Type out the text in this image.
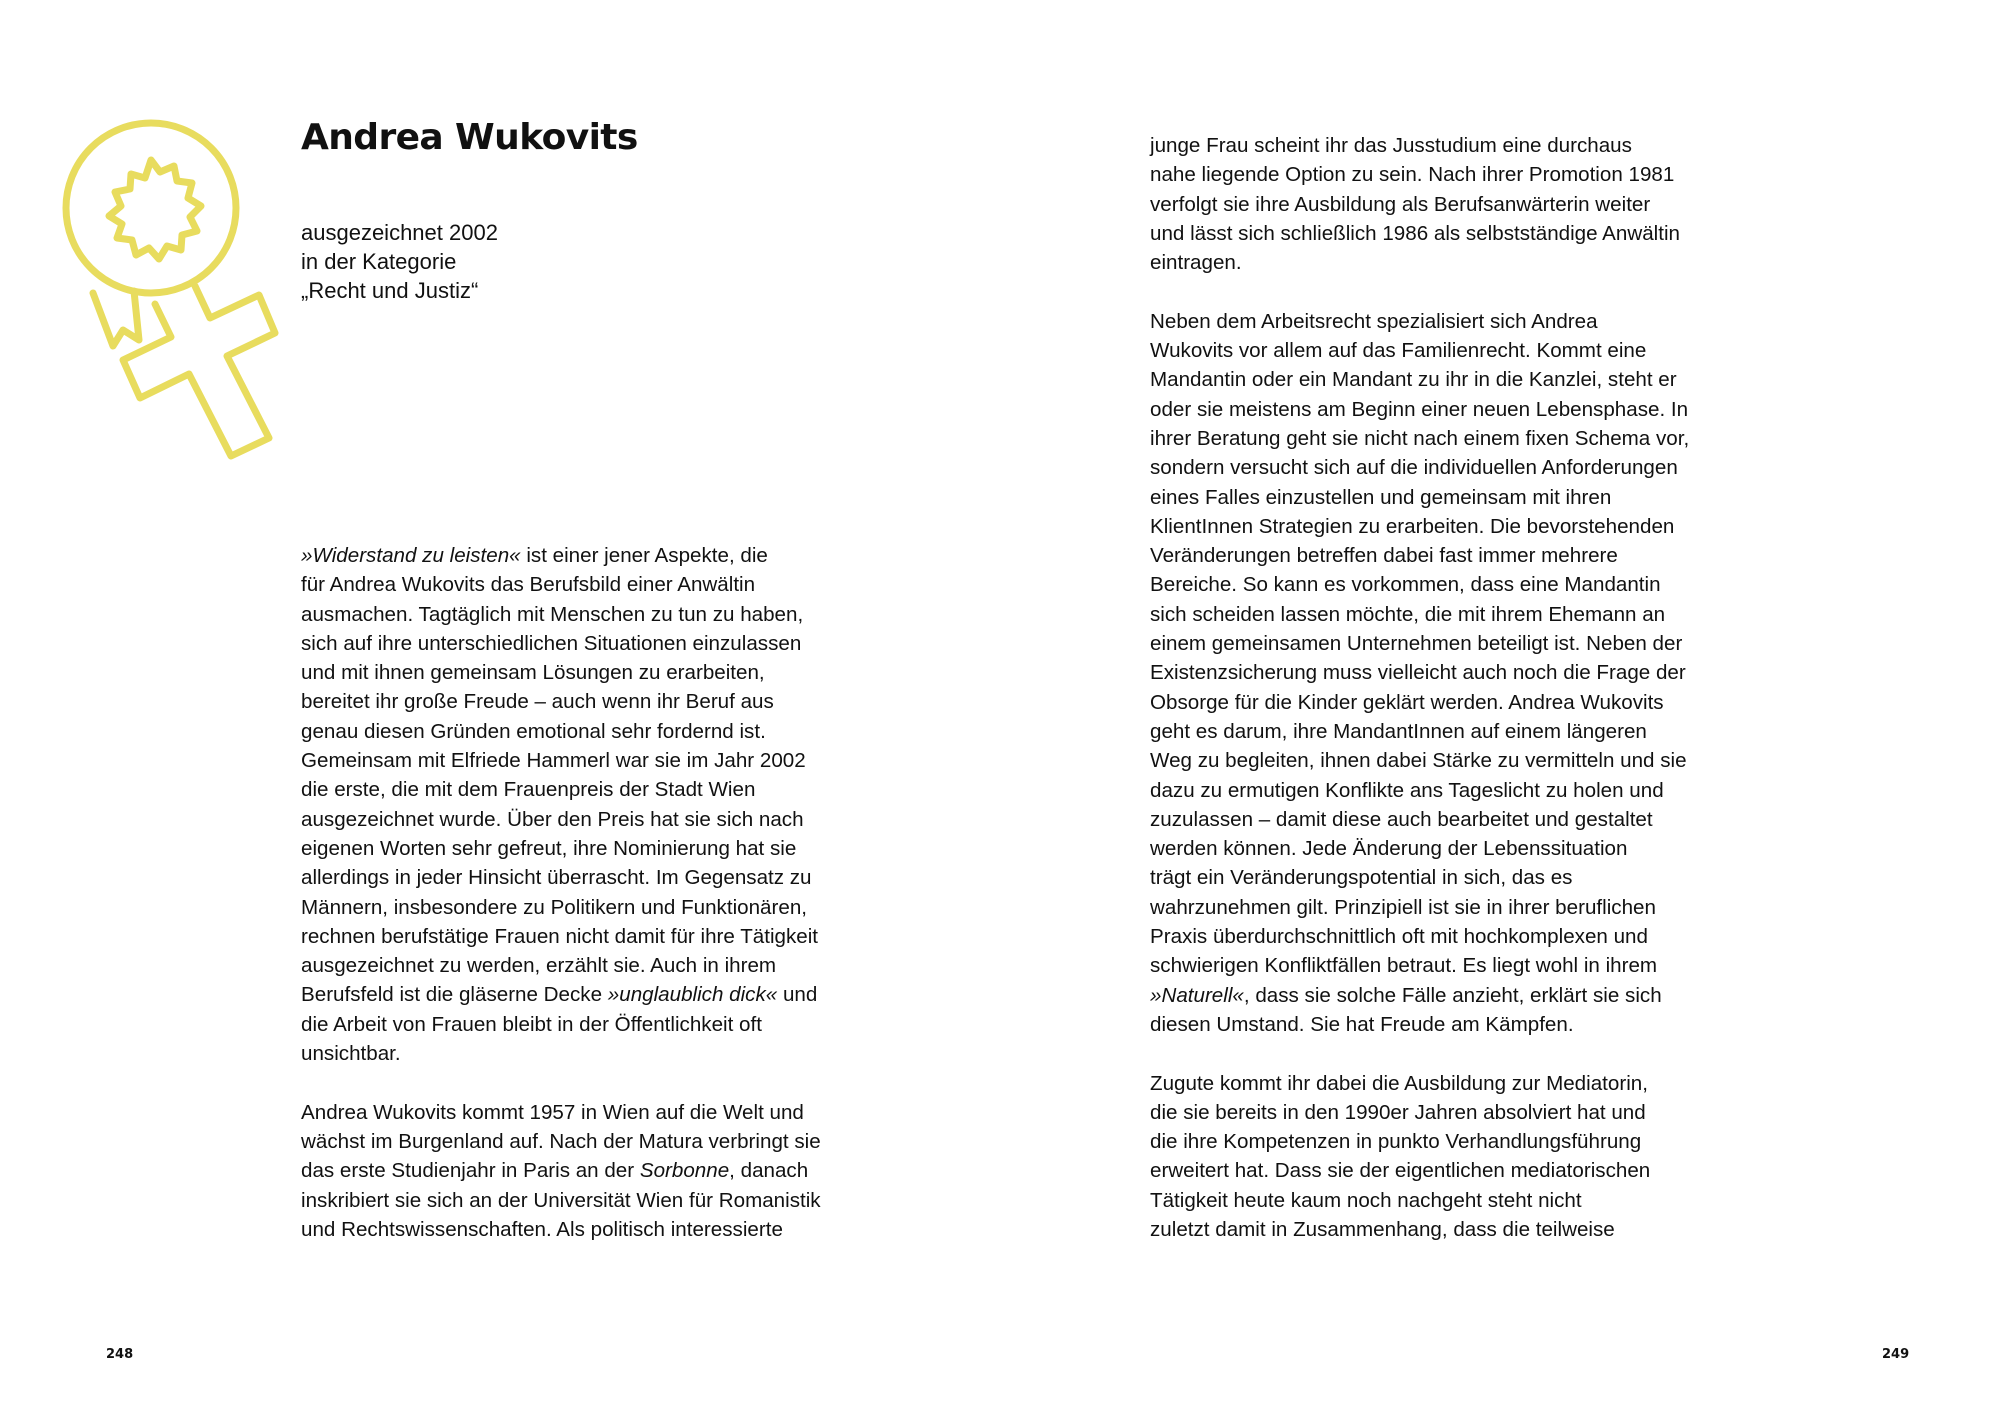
Andrea Wukovits
ausgezeichnet 2002
in der Kategorie
„Recht und Justiz“
»Widerstand zu leisten« ist einer jener Aspekte, die
für Andrea Wukovits das Berufsbild einer Anwältin
ausmachen. Tagtäglich mit Menschen zu tun zu haben,
sich auf ihre unterschiedlichen Situationen einzulassen
und mit ihnen gemeinsam Lösungen zu erarbeiten,
bereitet ihr große Freude – auch wenn ihr Beruf aus
genau diesen Gründen emotional sehr fordernd ist.
Gemeinsam mit Elfriede Hammerl war sie im Jahr 2002
die erste, die mit dem Frauenpreis der Stadt Wien
ausgezeichnet wurde. Über den Preis hat sie sich nach
eigenen Worten sehr gefreut, ihre Nominierung hat sie
allerdings in jeder Hinsicht überrascht. Im Gegensatz zu
Männern, insbesondere zu Politikern und Funktionären,
rechnen berufstätige Frauen nicht damit für ihre Tätigkeit
ausgezeichnet zu werden, erzählt sie. Auch in ihrem
Berufsfeld ist die gläserne Decke »unglaublich dick« und
die Arbeit von Frauen bleibt in der Öffentlichkeit oft
unsichtbar.
Andrea Wukovits kommt 1957 in Wien auf die Welt und
wächst im Burgenland auf. Nach der Matura verbringt sie
das erste Studienjahr in Paris an der Sorbonne, danach
inskribiert sie sich an der Universität Wien für Romanistik
und Rechtswissenschaften. Als politisch interessierte
junge Frau scheint ihr das Jusstudium eine durchaus
nahe liegende Option zu sein. Nach ihrer Promotion 1981
verfolgt sie ihre Ausbildung als Berufsanwärterin weiter
und lässt sich schließlich 1986 als selbstständige Anwältin
eintragen.
Neben dem Arbeitsrecht spezialisiert sich Andrea
Wukovits vor allem auf das Familienrecht. Kommt eine
Mandantin oder ein Mandant zu ihr in die Kanzlei, steht er
oder sie meistens am Beginn einer neuen Lebensphase. In
ihrer Beratung geht sie nicht nach einem fixen Schema vor,
sondern versucht sich auf die individuellen Anforderungen
eines Falles einzustellen und gemeinsam mit ihren
KlientInnen Strategien zu erarbeiten. Die bevorstehenden
Veränderungen betreffen dabei fast immer mehrere
Bereiche. So kann es vorkommen, dass eine Mandantin
sich scheiden lassen möchte, die mit ihrem Ehemann an
einem gemeinsamen Unternehmen beteiligt ist. Neben der
Existenzsicherung muss vielleicht auch noch die Frage der
Obsorge für die Kinder geklärt werden. Andrea Wukovits
geht es darum, ihre MandantInnen auf einem längeren
Weg zu begleiten, ihnen dabei Stärke zu vermitteln und sie
dazu zu ermutigen Konflikte ans Tageslicht zu holen und
zuzulassen – damit diese auch bearbeitet und gestaltet
werden können. Jede Änderung der Lebenssituation
trägt ein Veränderungspotential in sich, das es
wahrzunehmen gilt. Prinzipiell ist sie in ihrer beruflichen
Praxis überdurchschnittlich oft mit hochkomplexen und
schwierigen Konfliktfällen betraut. Es liegt wohl in ihrem
»Naturell«, dass sie solche Fälle anzieht, erklärt sie sich
diesen Umstand. Sie hat Freude am Kämpfen.
Zugute kommt ihr dabei die Ausbildung zur Mediatorin,
die sie bereits in den 1990er Jahren absolviert hat und
die ihre Kompetenzen in punkto Verhandlungsführung
erweitert hat. Dass sie der eigentlichen mediatorischen
Tätigkeit heute kaum noch nachgeht steht nicht
zuletzt damit in Zusammenhang, dass die teilweise
248	249
